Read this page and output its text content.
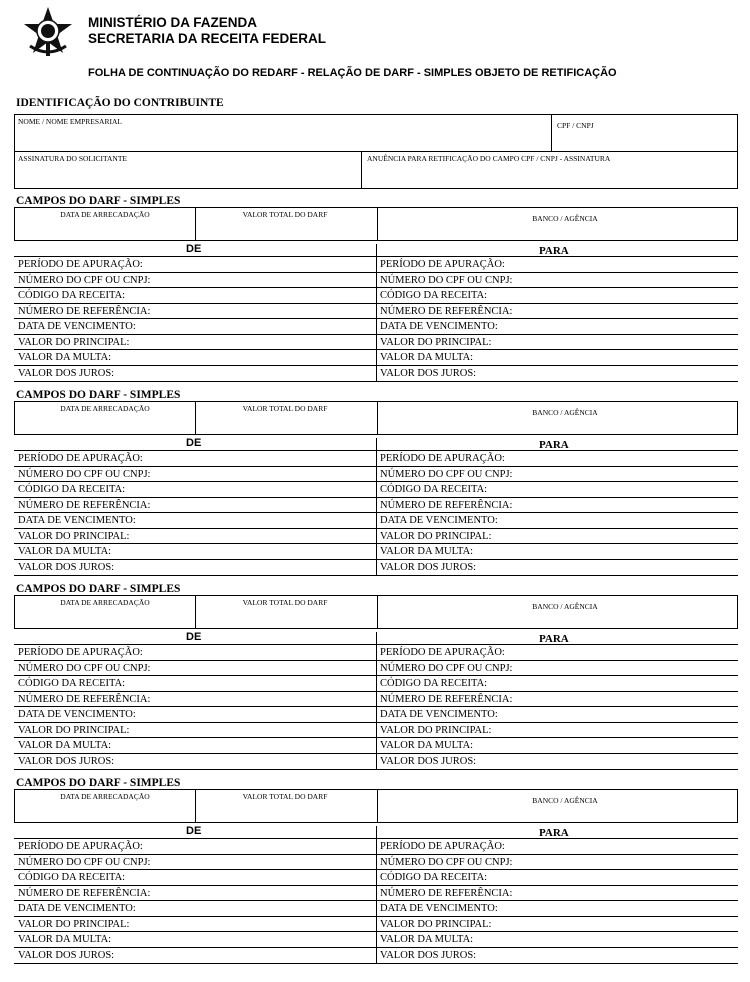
MINISTÉRIO DA FAZENDA
SECRETARIA DA RECEITA FEDERAL
FOLHA DE CONTINUAÇÃO DO REDARF - RELAÇÃO DE DARF - SIMPLES OBJETO DE RETIFICAÇÃO
IDENTIFICAÇÃO DO CONTRIBUINTE
NOME / NOME EMPRESARIAL	CPF / CNPJ
ASSINATURA DO SOLICITANTE	ANUÊNCIA PARA RETIFICAÇÃO DO CAMPO CPF / CNPJ - ASSINATURA
CAMPOS DO DARF - SIMPLES
DATA DE ARRECADAÇÃO	VALOR TOTAL DO DARF	BANCO / AGÊNCIA
DE	PARA
PERÍODO DE APURAÇÃO:	PERÍODO DE APURAÇÃO:
NÚMERO DO CPF OU CNPJ:	NÚMERO DO CPF OU CNPJ:
CÓDIGO DA RECEITA:	CÓDIGO DA RECEITA:
NÚMERO DE REFERÊNCIA:	NÚMERO DE REFERÊNCIA:
DATA DE VENCIMENTO:	DATA DE VENCIMENTO:
VALOR DO PRINCIPAL:	VALOR DO PRINCIPAL:
VALOR DA MULTA:	VALOR DA MULTA:
VALOR DOS JUROS:	VALOR DOS JUROS:
CAMPOS DO DARF - SIMPLES
DATA DE ARRECADAÇÃO	VALOR TOTAL DO DARF	BANCO / AGÊNCIA
DE	PARA
PERÍODO DE APURAÇÃO:	PERÍODO DE APURAÇÃO:
NÚMERO DO CPF OU CNPJ:	NÚMERO DO CPF OU CNPJ:
CÓDIGO DA RECEITA:	CÓDIGO DA RECEITA:
NÚMERO DE REFERÊNCIA:	NÚMERO DE REFERÊNCIA:
DATA DE VENCIMENTO:	DATA DE VENCIMENTO:
VALOR DO PRINCIPAL:	VALOR DO PRINCIPAL:
VALOR DA MULTA:	VALOR DA MULTA:
VALOR DOS JUROS:	VALOR DOS JUROS:
CAMPOS DO DARF - SIMPLES
DATA DE ARRECADAÇÃO	VALOR TOTAL DO DARF	BANCO / AGÊNCIA
DE	PARA
PERÍODO DE APURAÇÃO:	PERÍODO DE APURAÇÃO:
NÚMERO DO CPF OU CNPJ:	NÚMERO DO CPF OU CNPJ:
CÓDIGO DA RECEITA:	CÓDIGO DA RECEITA:
NÚMERO DE REFERÊNCIA:	NÚMERO DE REFERÊNCIA:
DATA DE VENCIMENTO:	DATA DE VENCIMENTO:
VALOR DO PRINCIPAL:	VALOR DO PRINCIPAL:
VALOR DA MULTA:	VALOR DA MULTA:
VALOR DOS JUROS:	VALOR DOS JUROS:
CAMPOS DO DARF - SIMPLES
DATA DE ARRECADAÇÃO	VALOR TOTAL DO DARF	BANCO / AGÊNCIA
DE	PARA
PERÍODO DE APURAÇÃO:	PERÍODO DE APURAÇÃO:
NÚMERO DO CPF OU CNPJ:	NÚMERO DO CPF OU CNPJ:
CÓDIGO DA RECEITA:	CÓDIGO DA RECEITA:
NÚMERO DE REFERÊNCIA:	NÚMERO DE REFERÊNCIA:
DATA DE VENCIMENTO:	DATA DE VENCIMENTO:
VALOR DO PRINCIPAL:	VALOR DO PRINCIPAL:
VALOR DA MULTA:	VALOR DA MULTA:
VALOR DOS JUROS:	VALOR DOS JUROS:
